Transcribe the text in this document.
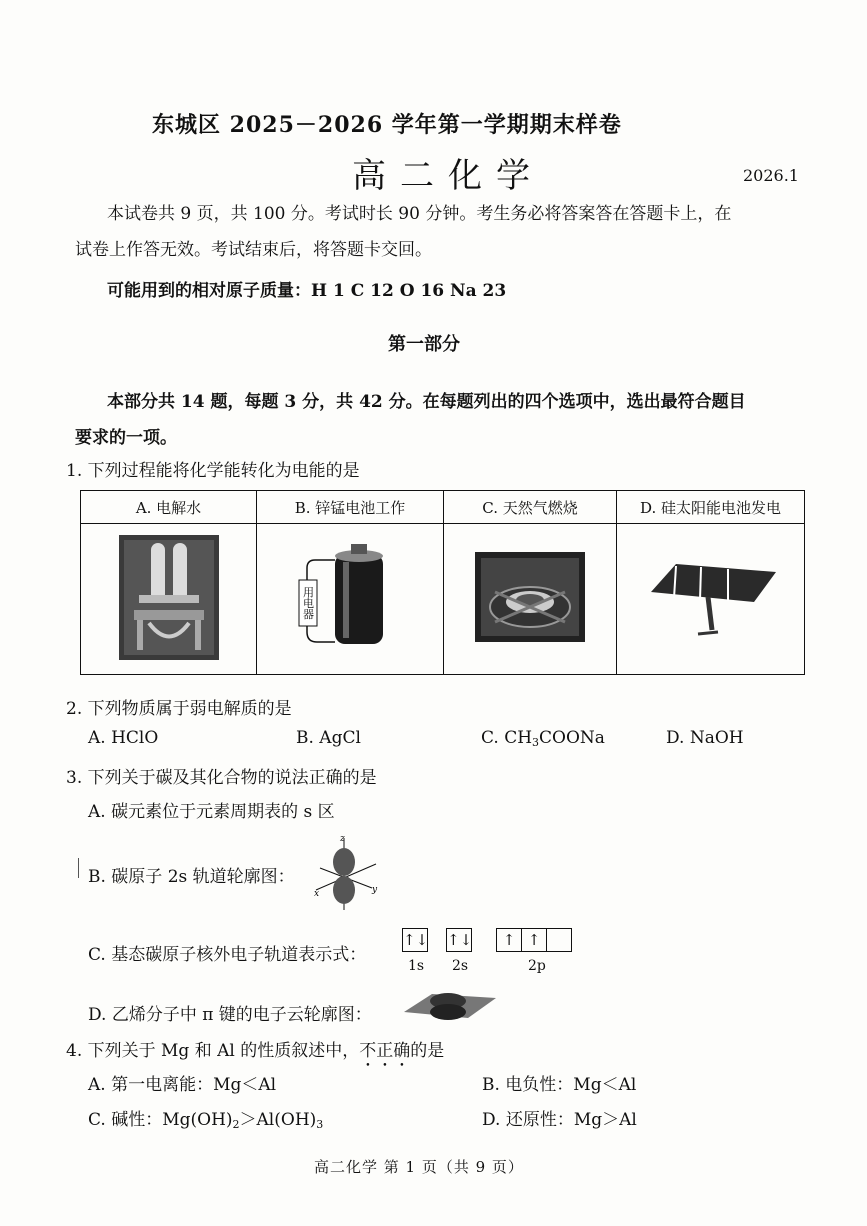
东城区 2025－2026 学年第一学期期末样卷
高二化学	2026.1
本试卷共 9 页，共 100 分。考试时长 90 分钟。考生务必将答案答在答题卡上，在
试卷上作答无效。考试结束后，将答题卡交回。
可能用到的相对原子质量：H 1 C 12 O 16 Na 23
第一部分
本部分共 14 题，每题 3 分，共 42 分。在每题列出的四个选项中，选出最符合题目
要求的一项。
1. 下列过程能将化学能转化为电能的是
A. 电解水	B. 锌锰电池工作	C. 天然气燃烧	D. 硅太阳能电池发电

用电器

2. 下列物质属于弱电解质的是
A. HClO	B. AgCl	C. $CH_3COONa$	D. NaOH
3. 下列关于碳及其化合物的说法正确的是
A. 碳元素位于元素周期表的 s 区
B. 碳原子 2s 轨道轮廓图：
z
x	y
C. 基态碳原子核外电子轨道表示式：
↑↓ ↑↓	↑ ↑
1s 2s	2p
D. 乙烯分子中 π 键的电子云轮廓图：
4. 下列关于 Mg 和 Al 的性质叙述中，不正确的是
A. 第一电离能：Mg＜Al	B. 电负性：Mg＜Al
C. 碱性：$Mg(OH)_2>Al(OH)_3$	D. 还原性：Mg＞Al
高二化学 第 1 页（共 9 页）
